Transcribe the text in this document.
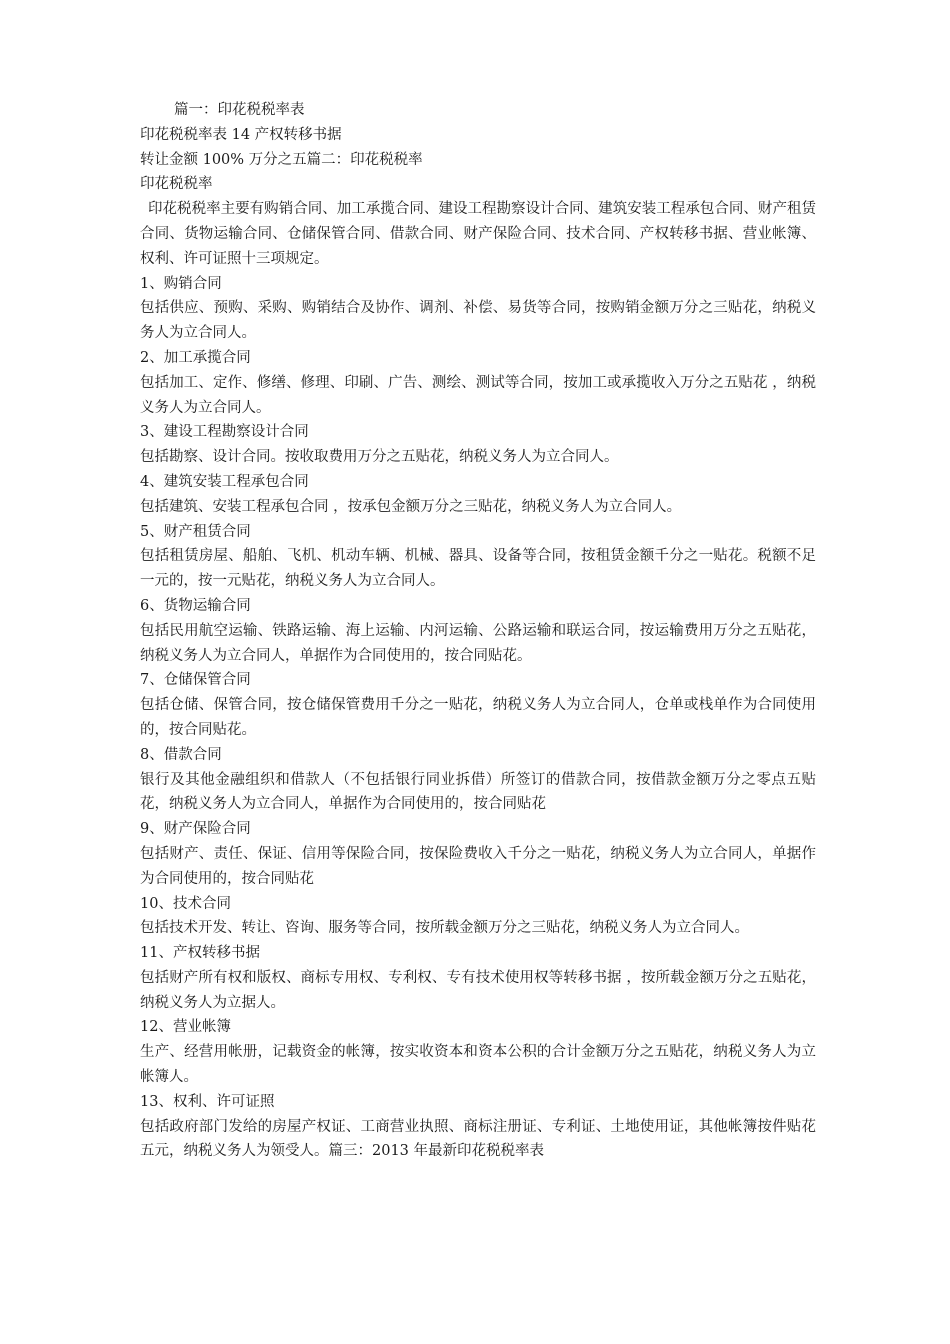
篇一：印花税税率表

印花税税率表 14 产权转移书据

转让金额 100% 万分之五篇二：印花税税率

印花税税率

印花税税率主要有购销合同、加工承揽合同、建设工程勘察设计合同、建筑安装工程承包合同、财产租赁合同、货物运输合同、仓储保管合同、借款合同、财产保险合同、技术合同、产权转移书据、营业帐簿、权利、许可证照十三项规定。

1、购销合同

包括供应、预购、采购、购销结合及协作、调剂、补偿、易货等合同，按购销金额万分之三贴花，纳税义务人为立合同人。

2、加工承揽合同

包括加工、定作、修缮、修理、印刷、广告、测绘、测试等合同，按加工或承揽收入万分之五贴花 ，纳税义务人为立合同人。

3、建设工程勘察设计合同

包括勘察、设计合同。按收取费用万分之五贴花，纳税义务人为立合同人。

4、建筑安装工程承包合同

包括建筑、安装工程承包合同 ，按承包金额万分之三贴花，纳税义务人为立合同人。

5、财产租赁合同

包括租赁房屋、船舶、飞机、机动车辆、机械、器具、设备等合同，按租赁金额千分之一贴花。税额不足一元的，按一元贴花，纳税义务人为立合同人。

6、货物运输合同

包括民用航空运输、铁路运输、海上运输、内河运输、公路运输和联运合同，按运输费用万分之五贴花，纳税义务人为立合同人，单据作为合同使用的，按合同贴花。

7、仓储保管合同

包括仓储、保管合同，按仓储保管费用千分之一贴花，纳税义务人为立合同人，仓单或栈单作为合同使用的，按合同贴花。

8、借款合同

银行及其他金融组织和借款人（不包括银行同业拆借）所签订的借款合同，按借款金额万分之零点五贴花，纳税义务人为立合同人，单据作为合同使用的，按合同贴花

9、财产保险合同

包括财产、责任、保证、信用等保险合同，按保险费收入千分之一贴花，纳税义务人为立合同人，单据作为合同使用的，按合同贴花

10、技术合同

包括技术开发、转让、咨询、服务等合同，按所载金额万分之三贴花，纳税义务人为立合同人。

11、产权转移书据

包括财产所有权和版权、商标专用权、专利权、专有技术使用权等转移书据 ，按所载金额万分之五贴花，纳税义务人为立据人。

12、营业帐簿

生产、经营用帐册，记载资金的帐簿，按实收资本和资本公积的合计金额万分之五贴花，纳税义务人为立帐簿人。

13、权利、许可证照

包括政府部门发给的房屋产权证、工商营业执照、商标注册证、专利证、土地使用证，其他帐簿按件贴花五元，纳税义务人为领受人。篇三：2013 年最新印花税税率表
